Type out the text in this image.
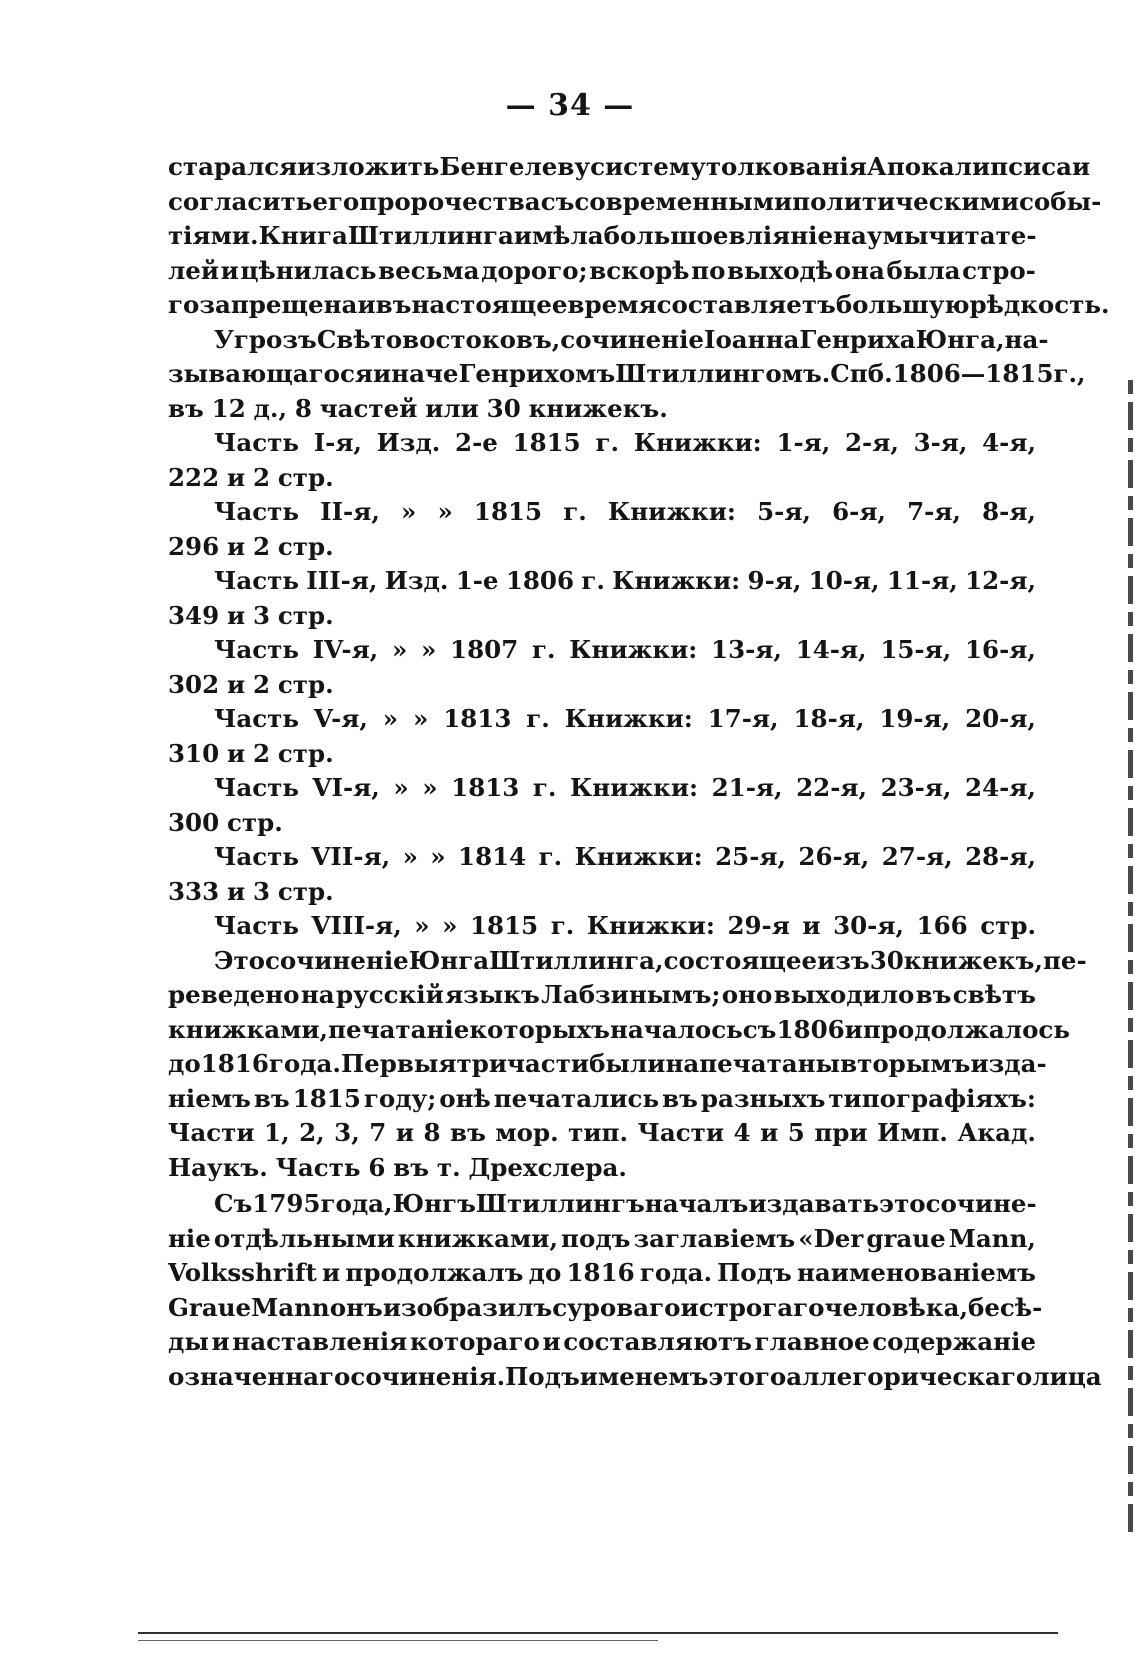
— 34 —
старался изложить Бенгелеву систему толкованія Апокалипсиса и
согласить его пророчества съ современными политическими собы-
тіями. Книга Штиллинга имѣла большое вліяніе на умы читате-
лей и цѣнилась весьма дорого; вскорѣ по выходѣ она была стро-
го запрещена и въ настоящее время составляетъ большую рѣдкость.
Угрозъ Свѣтовостоковъ, сочиненіе Іоанна Генриха Юнга, на-
зывающагося иначе Генрихомъ Штиллингомъ. Спб. 1806—1815 г.,
въ 12 д., 8 частей или 30 книжекъ.
Часть І-я, Изд. 2-е 1815 г. Книжки: 1-я, 2-я, 3-я, 4-я,
222 и 2 стр.
Часть II-я, » » 1815 г. Книжки: 5-я, 6-я, 7-я, 8-я,
296 и 2 стр.
Часть III-я, Изд. 1-е 1806 г. Книжки: 9-я, 10-я, 11-я, 12-я,
349 и 3 стр.
Часть IV-я, » » 1807 г. Книжки: 13-я, 14-я, 15-я, 16-я,
302 и 2 стр.
Часть V-я, » » 1813 г. Книжки: 17-я, 18-я, 19-я, 20-я,
310 и 2 стр.
Часть VI-я, » » 1813 г. Книжки: 21-я, 22-я, 23-я, 24-я,
300 стр.
Часть VII-я, » » 1814 г. Книжки: 25-я, 26-я, 27-я, 28-я,
333 и 3 стр.
Часть VIII-я, » » 1815 г. Книжки: 29-я и 30-я, 166 стр.
Это сочиненіе Юнга Штиллинга, состоящее изъ 30 книжекъ, пе-
реведено на русскій языкъ Лабзинымъ; оно выходило въ свѣтъ
книжками, печатаніе которыхъ началось съ 1806 и продолжалось
до 1816 года. Первыя три части были напечатаны вторымъ изда-
ніемъ въ 1815 году; онѣ печатались въ разныхъ типографіяхъ:
Части 1, 2, 3, 7 и 8 въ мор. тип. Части 4 и 5 при Имп. Акад.
Наукъ. Часть 6 въ т. Дрехслера.
Съ 1795 года, Юнгъ Штиллингъ началъ издавать это сочине-
ніе отдѣльными книжками, подъ заглавіемъ «Der graue Mann,
Volksshrift и продолжалъ до 1816 года. Подъ наименованіемъ
Graue Mann онъ изобразилъ суроваго и строгаго человѣка, бесѣ-
ды и наставленія котораго и составляютъ главное содержаніе
означеннаго сочиненія. Подъ именемъ этого аллегорическаго лица
